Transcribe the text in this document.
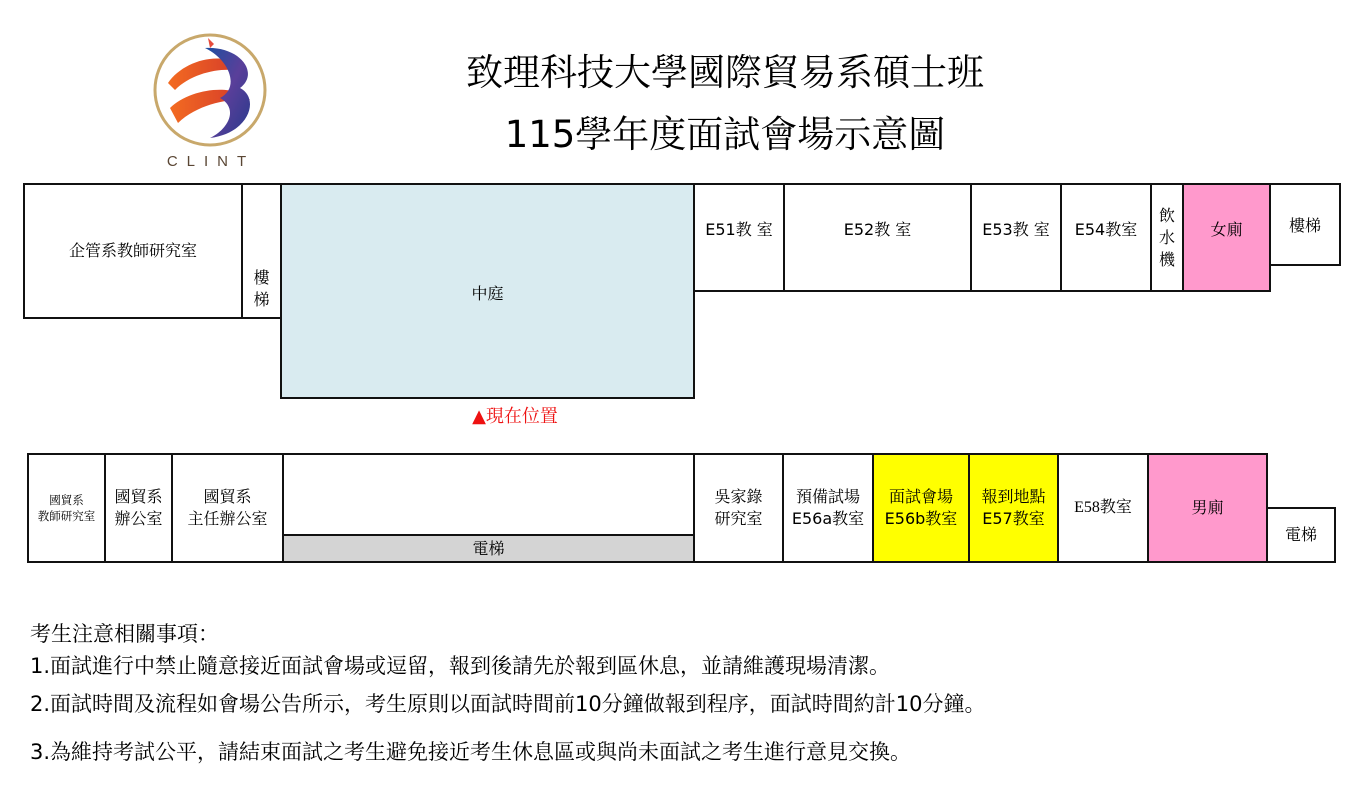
CLINT
致理科技大學國際貿易系碩士班
115學年度面試會場示意圖
企管系教師研究室
樓
梯	中庭
E51教 室	E52教 室	E53教 室 E54教室
飲
水
機
女廁	樓梯
▲現在位置
國貿系
教師研究室
國貿系
辦公室
國貿系
主任辦公室
電梯
吳家錄
研究室
預備試場
E56a教室
面試會場
E56b教室
報到地點
E57教室
E58教室	男廁
電梯
考生注意相關事項：
1.面試進行中禁止隨意接近面試會場或逗留，報到後請先於報到區休息，並請維護現場清潔。
2.面試時間及流程如會場公告所示，考生原則以面試時間前10分鐘做報到程序，面試時間約計10分鐘。
3.為維持考試公平，請結束面試之考生避免接近考生休息區或與尚未面試之考生進行意見交換。
